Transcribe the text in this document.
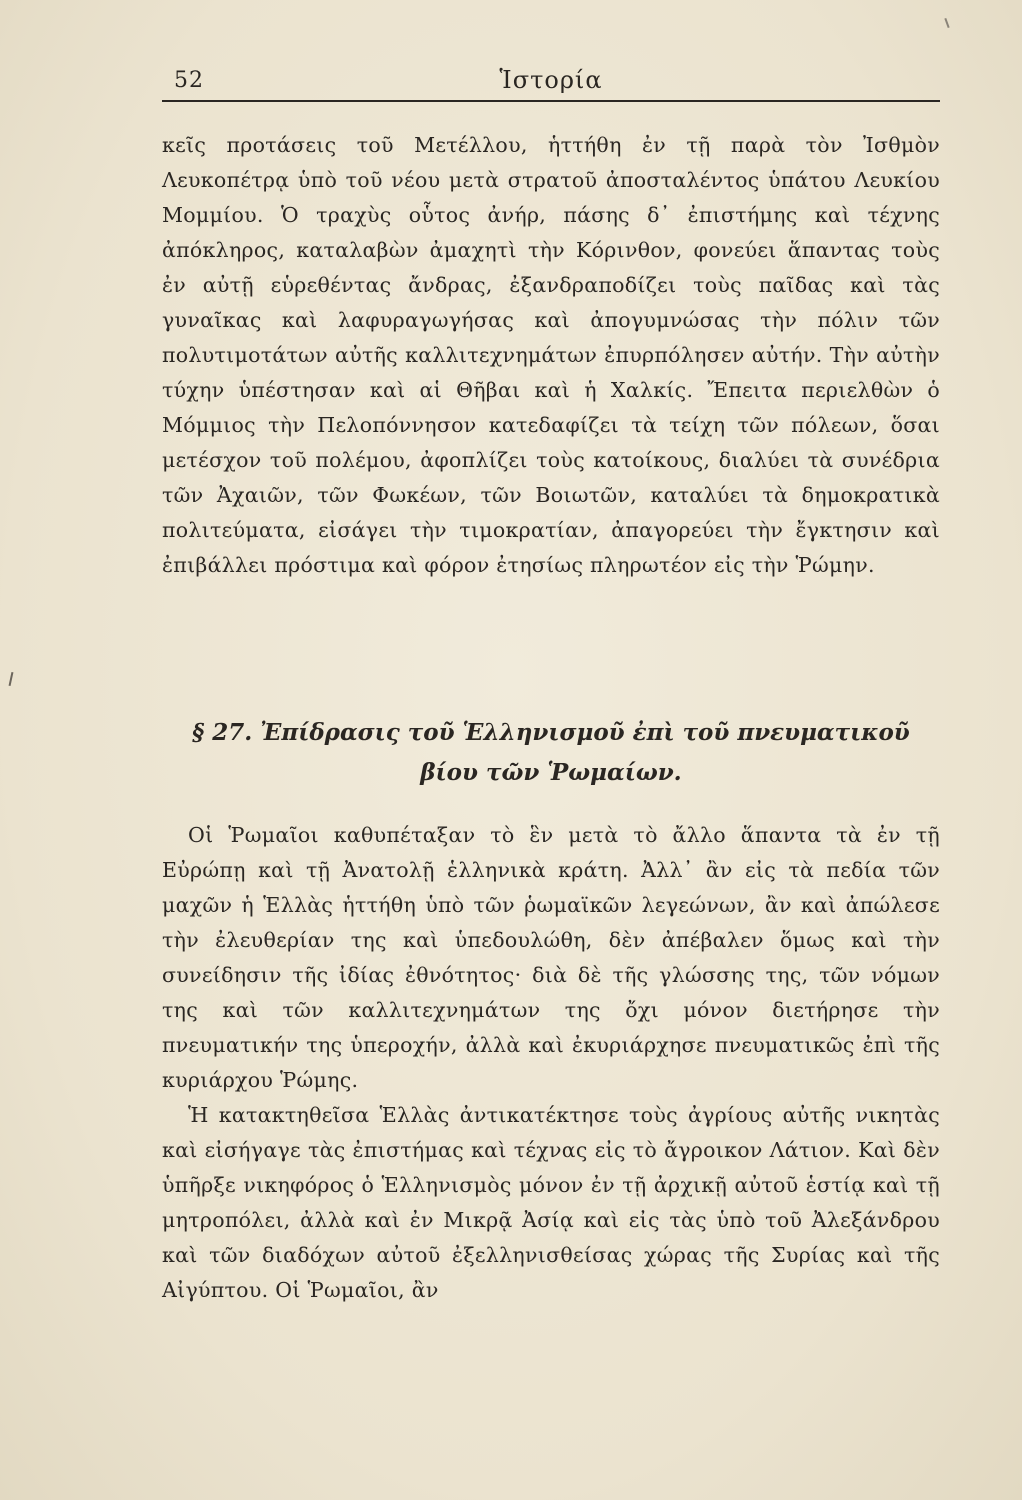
52	Ἱστορία

κεῖς προτάσεις τοῦ Μετέλλου, ἡττήθη ἐν τῇ παρὰ τὸν Ἰσθμὸν Λευκοπέτρᾳ ὑπὸ τοῦ νέου μετὰ στρατοῦ ἀποσταλέντος ὑπάτου Λευκίου Μομμίου. Ὁ τραχὺς οὗτος ἀνήρ, πάσης δ᾽ ἐπιστήμης καὶ τέχνης ἀπόκληρος, καταλαβὼν ἀμαχητὶ τὴν Κόρινθον, φονεύει ἅπαντας τοὺς ἐν αὐτῇ εὑρεθέντας ἄνδρας, ἐξανδραποδίζει τοὺς παῖδας καὶ τὰς γυναῖκας καὶ λαφυραγωγήσας καὶ ἀπογυμνώσας τὴν πόλιν τῶν πολυτιμοτάτων αὐτῆς καλλιτεχνημάτων ἐπυρπόλησεν αὐτήν. Τὴν αὐτὴν τύχην ὑπέστησαν καὶ αἱ Θῆβαι καὶ ἡ Χαλκίς. Ἔπειτα περιελθὼν ὁ Μόμμιος τὴν Πελοπόννησον κατεδαφίζει τὰ τείχη τῶν πόλεων, ὅσαι μετέσχον τοῦ πολέμου, ἀφοπλίζει τοὺς κατοίκους, διαλύει τὰ συνέδρια τῶν Ἀχαιῶν, τῶν Φωκέων, τῶν Βοιωτῶν, καταλύει τὰ δημοκρατικὰ πολιτεύματα, εἰσάγει τὴν τιμοκρατίαν, ἀπαγορεύει τὴν ἔγκτησιν καὶ ἐπιβάλλει πρόστιμα καὶ φόρον ἐτησίως πληρωτέον εἰς τὴν Ῥώμην.

§ 27. Ἐπίδρασις τοῦ Ἑλληνισμοῦ ἐπὶ τοῦ πνευματικοῦ
βίου τῶν Ῥωμαίων.

Οἱ Ῥωμαῖοι καθυπέταξαν τὸ ἓν μετὰ τὸ ἄλλο ἅπαντα τὰ ἐν τῇ Εὐρώπῃ καὶ τῇ Ἀνατολῇ ἑλληνικὰ κράτη. Ἀλλ᾽ ἂν εἰς τὰ πεδία τῶν μαχῶν ἡ Ἑλλὰς ἡττήθη ὑπὸ τῶν ῥωμαϊκῶν λεγεώνων, ἂν καὶ ἀπώλεσε τὴν ἐλευθερίαν της καὶ ὑπεδουλώθη, δὲν ἀπέβαλεν ὅμως καὶ τὴν συνείδησιν τῆς ἰδίας ἐθνότητος· διὰ δὲ τῆς γλώσσης της, τῶν νόμων της καὶ τῶν καλλιτεχνημάτων της ὄχι μόνον διετήρησε τὴν πνευματικήν της ὑπεροχήν, ἀλλὰ καὶ ἐκυριάρχησε πνευματικῶς ἐπὶ τῆς κυριάρχου Ῥώμης.

Ἡ κατακτηθεῖσα Ἑλλὰς ἀντικατέκτησε τοὺς ἀγρίους αὐτῆς νικητὰς καὶ εἰσήγαγε τὰς ἐπιστήμας καὶ τέχνας εἰς τὸ ἄγροικον Λάτιον. Καὶ δὲν ὑπῆρξε νικηφόρος ὁ Ἑλληνισμὸς μόνον ἐν τῇ ἀρχικῇ αὐτοῦ ἑστίᾳ καὶ τῇ μητροπόλει, ἀλλὰ καὶ ἐν Μικρᾷ Ἀσίᾳ καὶ εἰς τὰς ὑπὸ τοῦ Ἀλεξάνδρου καὶ τῶν διαδόχων αὐτοῦ ἐξελληνισθείσας χώρας τῆς Συρίας καὶ τῆς Αἰγύπτου. Οἱ Ῥωμαῖοι, ἂν
